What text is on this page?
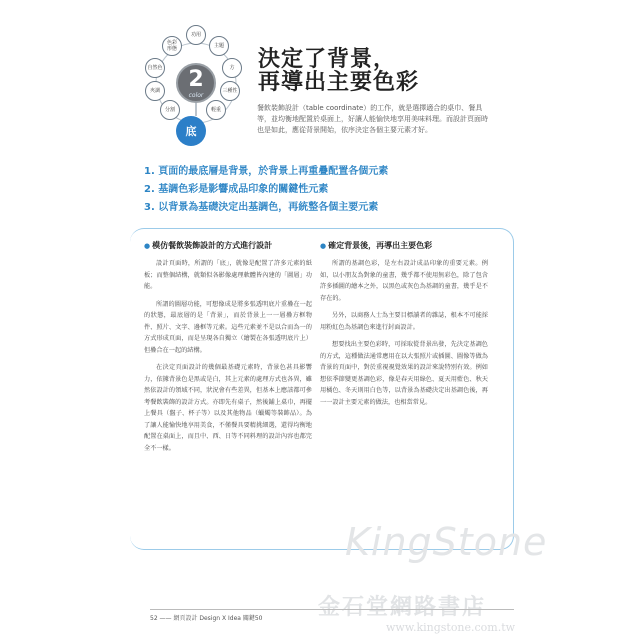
功用
主題
方
三種性
輕重
分割
夾調
自然色
色彩
形態
2
color
底
決定了背景，
再導出主要色彩
餐飲裝飾設計（table coordinate）的工作，就是選擇適合的桌巾、餐具等，並均衡地配置於桌面上，好讓人能愉快地享用美味料理。而設計頁面時也是如此，應從背景開始，依序決定各個主要元素才好。

1. 頁面的最底層是背景，於背景上再重疊配置各個元素

2. 基調色彩是影響成品印象的關鍵性元素

3. 以背景為基礎決定出基調色，再統整各個主要元素

● 模仿餐飲裝飾設計的方式進行設計

設計頁面時，所謂的「底」，就像是配置了許多元素的紙板；而整個結構，就類似各影像處理軟體皆內建的「圖層」功能。

所謂的圖層功能，可想像成是將多張透明底片重疊在一起的狀態，最底層的是「背景」，而於背景上一一層疊方框物件、照片、文字、邊框等元素。這些元素並不是以合而為一的方式形成頁面，而是呈現各自獨立（繪製在各張透明底片上）但疊合在一起的結構。

在決定頁面設計的幾個最基礎元素時，背景色甚具影響力，依據背景色是黑或是白，其上元素的處理方式也各異，雖然依設計的領域不同，狀況會有些差異，但基本上應該都可參考餐飲裝飾的設計方式。亦即先有桌子，然後鋪上桌巾，再擺上餐具（盤子、杯子等）以及其他物品（蠟燭等裝飾品）。為了讓人能愉快地享用美食，不僅餐具要精挑細選，還得均衡地配置在桌面上，而且中、西、日等不同料理的設計內容也都完全不一樣。

● 確定背景後，再導出主要色彩

所謂的基調色彩，是左右設計成品印象的重要元素。例如，以小朋友為對象的童書，幾乎都不使用無彩色，除了包含許多插圖的繪本之外，以黑色或灰色為基調的童書，幾乎是不存在的。

另外，以商務人士為主要目標讀者的雜誌，根本不可能採用粉紅色為基調色來進行封面設計。

想要找出主要色彩時，可採取從背景出發，先決定基調色的方式，這種做法通常應用在以大張照片或插圖、圖像等做為背景的頁面中，對於重視視覺效果的設計來說特別有效。例如想依季節變更基調色彩，像是春天用綠色、夏天用藍色、秋天用橘色、冬天則用白色等，以背景為基礎決定出基調色後，再一一設計主要元素的做法，也相當常見。

KingStone
金石堂網路書店
www.kingstone.com.tw
52 —— 網頁設計 Design X Idea 關鍵50
